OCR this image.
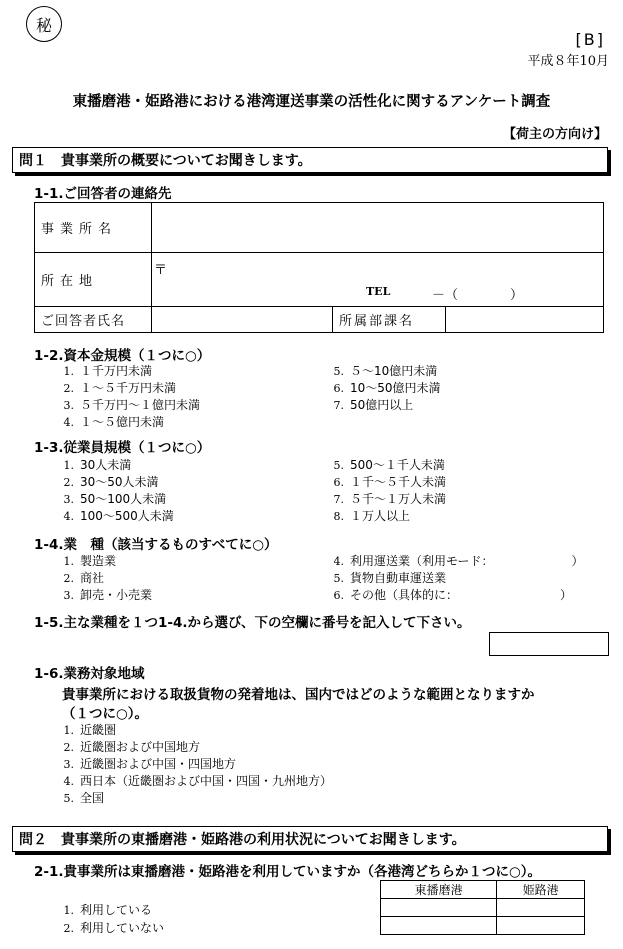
秘
[B]
平成８年10月
東播磨港・姫路港における港湾運送事業の活性化に関するアンケート調査
【荷主の方向け】
問１　貴事業所の概要についてお聞きします。
1-1.ご回答者の連絡先
事業所名			
所在地	〒
TEL －（　　　　）		

ご回答者氏名		所属部課名	
1-2.資本金規模（１つに○）
1. １千万円未満
2. １～５千万円未満
3. ５千万円～１億円未満
4. １～５億円未満
5. ５～10億円未満
6. 10～50億円未満
7. 50億円以上
1-3.従業員規模（１つに○）
1. 30人未満
2. 30～50人未満
3. 50～100人未満
4. 100～500人未満
5. 500～１千人未満
6. １千～５千人未満
7. ５千～１万人未満
8. １万人以上
1-4.業　種（該当するものすべてに○）
1. 製造業
2. 商社
3. 卸売・小売業
4. 利用運送業（利用モード：　　　　　　　）
5. 貨物自動車運送業
6. その他（具体的に：　　　　　　　　　）
1-5.主な業種を１つ1-4.から選び、下の空欄に番号を記入して下さい。
1-6.業務対象地域
貴事業所における取扱貨物の発着地は、国内ではどのような範囲となりますか
（１つに○）。
1. 近畿圏
2. 近畿圏および中国地方
3. 近畿圏および中国・四国地方
4. 西日本（近畿圏および中国・四国・九州地方）
5. 全国
問２　貴事業所の東播磨港・姫路港の利用状況についてお聞きします。
2-1.貴事業所は東播磨港・姫路港を利用していますか（各港湾どちらか１つに○）。
1. 利用している
2. 利用していない
東播磨港	姫路港
